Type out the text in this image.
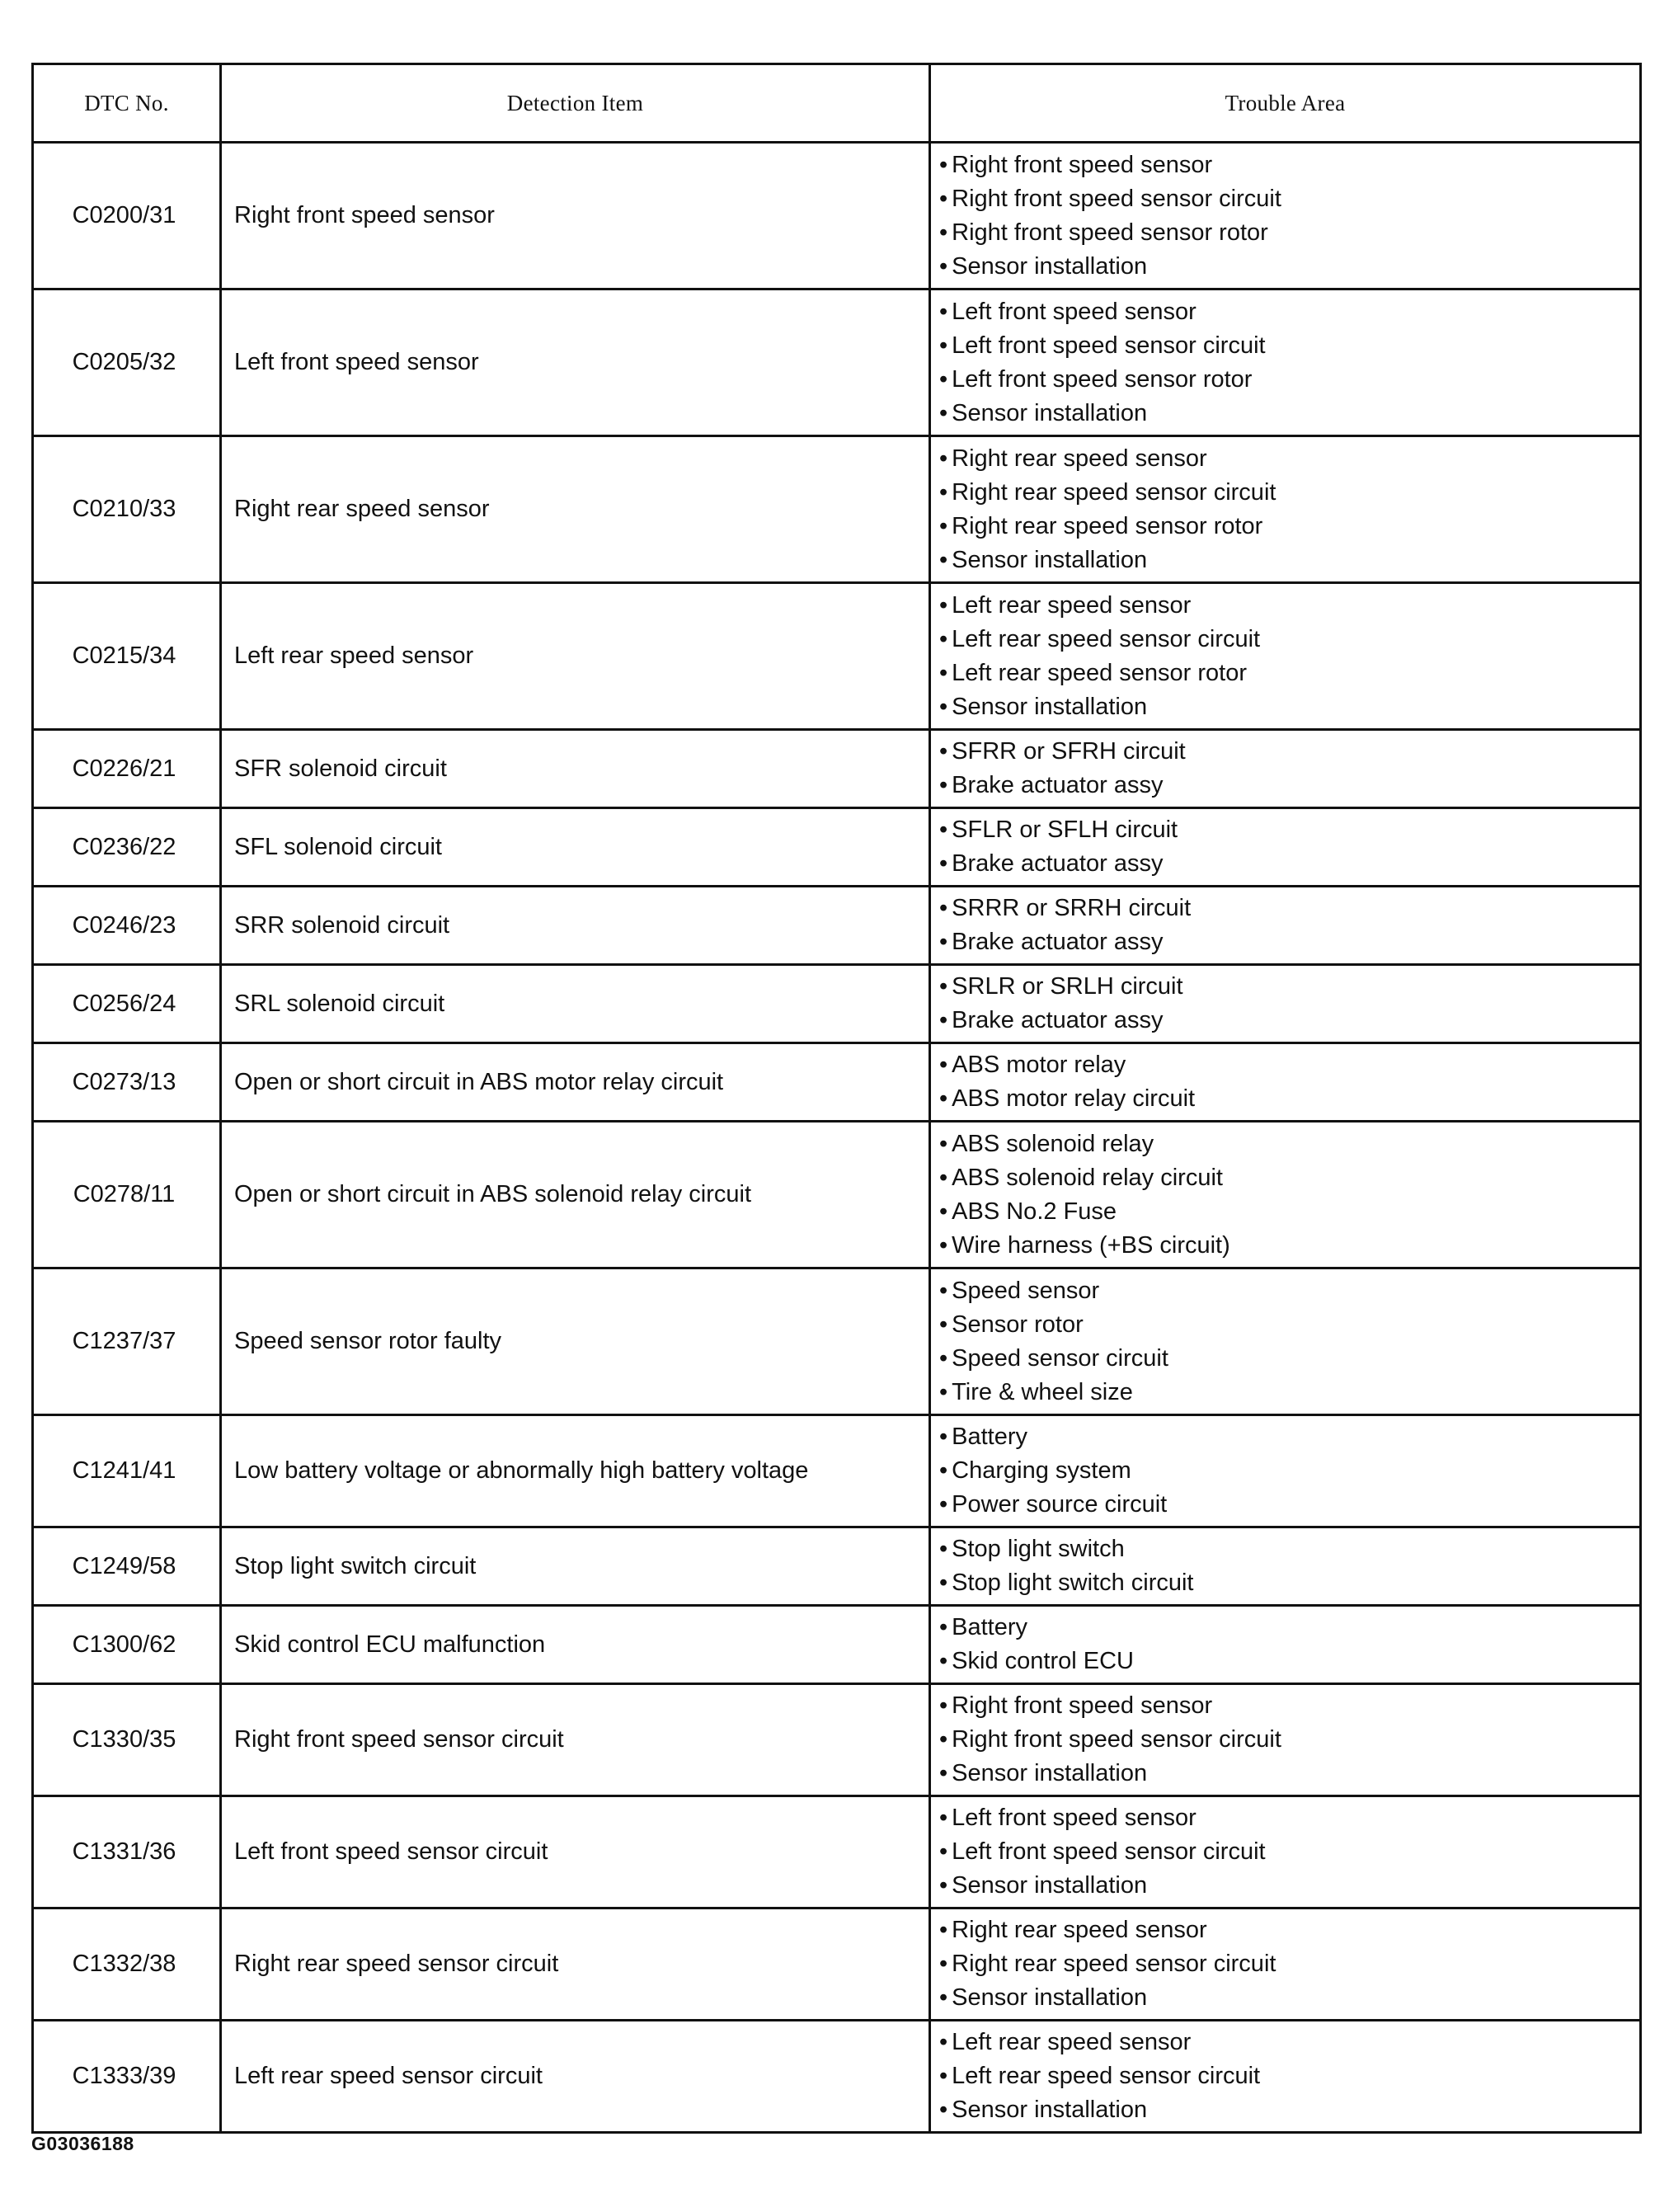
DTC No.	Detection Item	Trouble Area
C0200/31	Right front speed sensor	• Right front speed sensor
• Right front speed sensor circuit
• Right front speed sensor rotor
• Sensor installation

C0205/32	Left front speed sensor	• Left front speed sensor
• Left front speed sensor circuit
• Left front speed sensor rotor
• Sensor installation

C0210/33	Right rear speed sensor	• Right rear speed sensor
• Right rear speed sensor circuit
• Right rear speed sensor rotor
• Sensor installation

C0215/34	Left rear speed sensor	• Left rear speed sensor
• Left rear speed sensor circuit
• Left rear speed sensor rotor
• Sensor installation

C0226/21	SFR solenoid circuit	• SFRR or SFRH circuit
• Brake actuator assy

C0236/22	SFL solenoid circuit	• SFLR or SFLH circuit
• Brake actuator assy

C0246/23	SRR solenoid circuit	• SRRR or SRRH circuit
• Brake actuator assy

C0256/24	SRL solenoid circuit	• SRLR or SRLH circuit
• Brake actuator assy

C0273/13	Open or short circuit in ABS motor relay circuit	• ABS motor relay
• ABS motor relay circuit

C0278/11	Open or short circuit in ABS solenoid relay circuit	• ABS solenoid relay
• ABS solenoid relay circuit
• ABS No.2 Fuse
• Wire harness (+BS circuit)

C1237/37	Speed sensor rotor faulty	• Speed sensor
• Sensor rotor
• Speed sensor circuit
• Tire & wheel size

C1241/41	Low battery voltage or abnormally high battery voltage	• Battery
• Charging system
• Power source circuit

C1249/58	Stop light switch circuit	• Stop light switch
• Stop light switch circuit

C1300/62	Skid control ECU malfunction	• Battery
• Skid control ECU

C1330/35	Right front speed sensor circuit	• Right front speed sensor
• Right front speed sensor circuit
• Sensor installation

C1331/36	Left front speed sensor circuit	• Left front speed sensor
• Left front speed sensor circuit
• Sensor installation

C1332/38	Right rear speed sensor circuit	• Right rear speed sensor
• Right rear speed sensor circuit
• Sensor installation

C1333/39	Left rear speed sensor circuit	• Left rear speed sensor
• Left rear speed sensor circuit
• Sensor installation
G03036188
